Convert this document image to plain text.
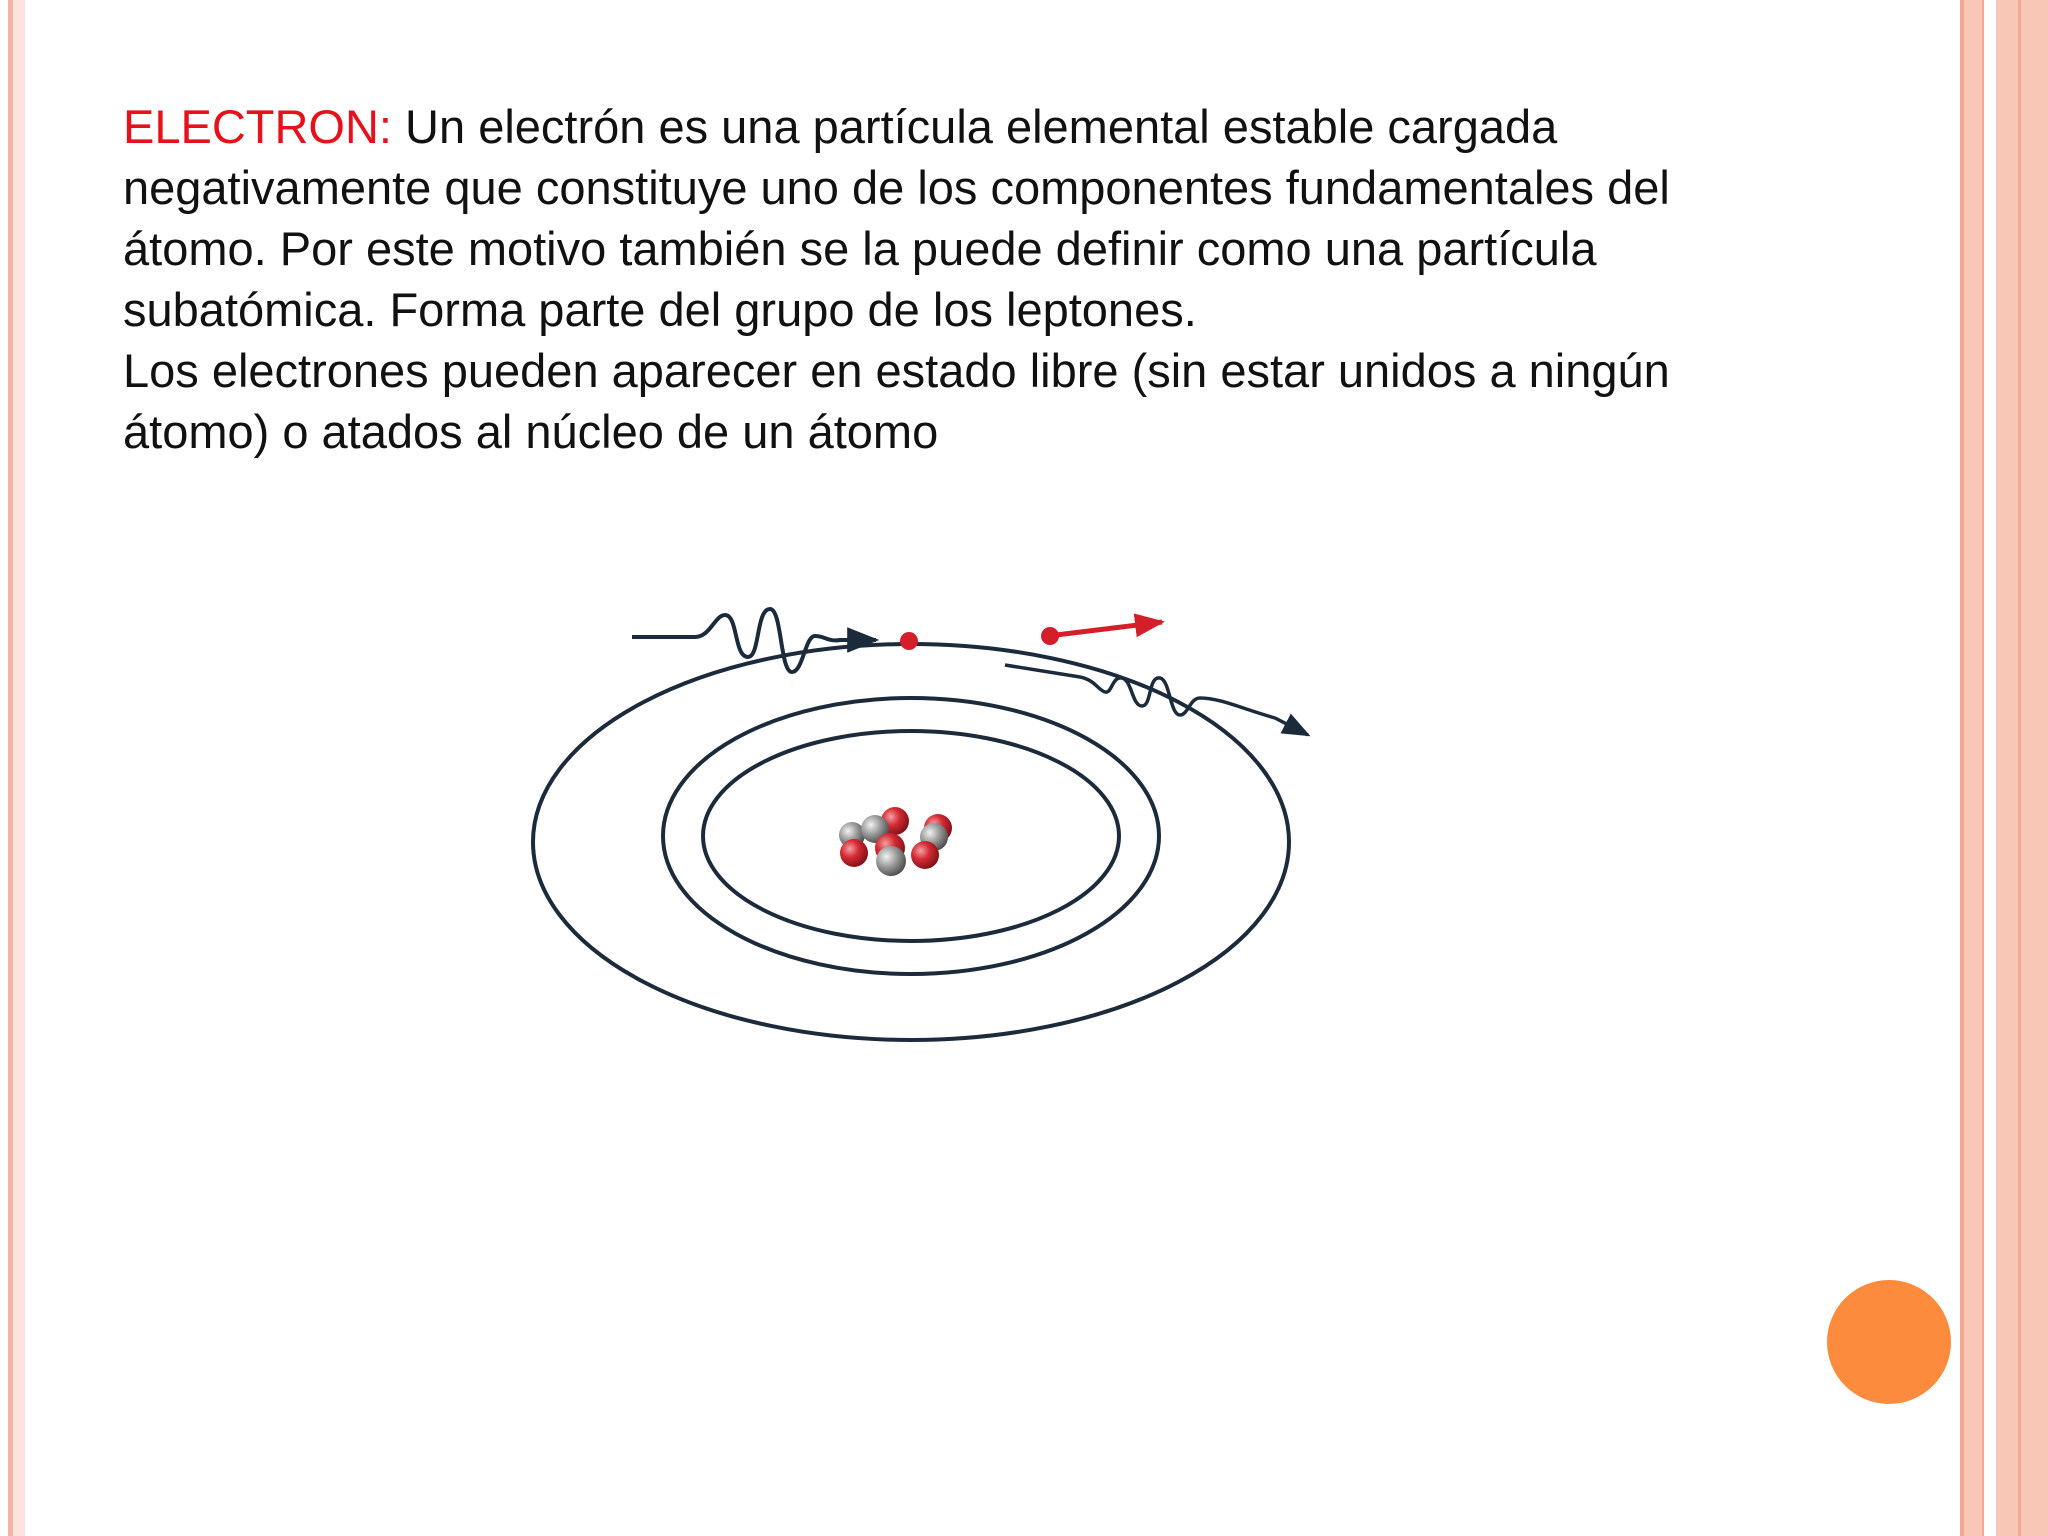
ELECTRON: Un electrón es una partícula elemental estable cargada negativamente que constituye uno de los componentes fundamentales del átomo. Por este motivo también se la puede definir como una partícula subatómica. Forma parte del grupo de los leptones.

Los electrones pueden aparecer en estado libre (sin estar unidos a ningún átomo) o atados al núcleo de un átomo
